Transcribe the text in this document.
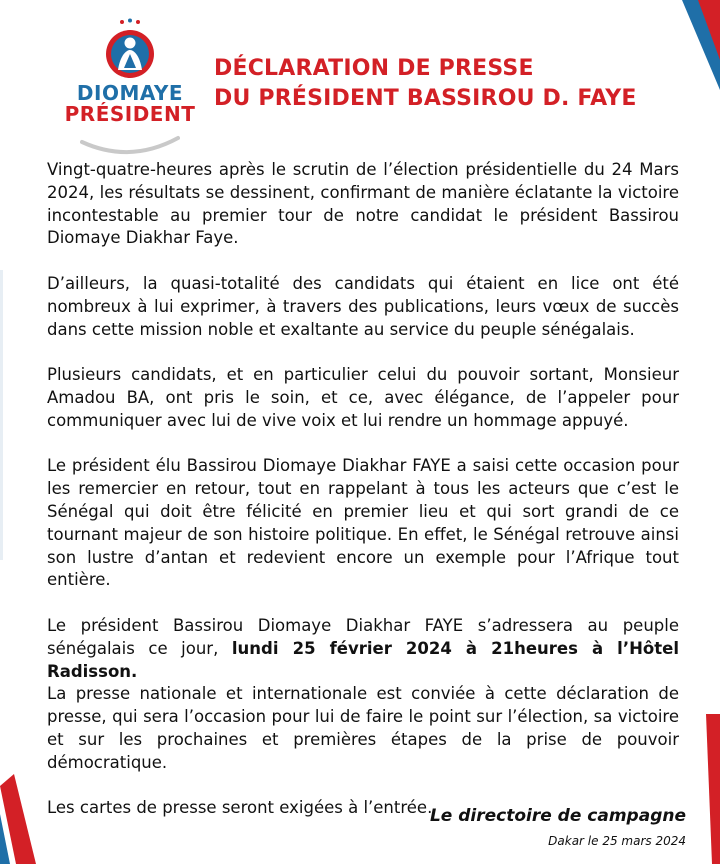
DIOMAYE
PRÉSIDENT
DÉCLARATION DE PRESSE
DU PRÉSIDENT BASSIROU D. FAYE

Vingt-quatre-heures après le scrutin de l’élection présidentielle du 24 Mars 2024, les résultats se dessinent, confirmant de manière éclatante la victoire incontestable au premier tour de notre candidat le président Bassirou Diomaye Diakhar Faye.

D’ailleurs, la quasi-totalité des candidats qui étaient en lice ont été nombreux à lui exprimer, à travers des publications, leurs vœux de succès dans cette mission noble et exaltante au service du peuple sénégalais.

Plusieurs candidats, et en particulier celui du pouvoir sortant, Monsieur Amadou BA, ont pris le soin, et ce, avec élégance, de l’appeler pour communiquer avec lui de vive voix et lui rendre un hommage appuyé.

Le président élu Bassirou Diomaye Diakhar FAYE a saisi cette occasion pour les remercier en retour, tout en rappelant à tous les acteurs que c’est le Sénégal qui doit être félicité en premier lieu et qui sort grandi de ce tournant majeur de son histoire politique. En effet, le Sénégal retrouve ainsi son lustre d’antan et redevient encore un exemple pour l’Afrique tout entière.

Le président Bassirou Diomaye Diakhar FAYE s’adressera au peuple sénégalais ce jour, lundi 25 février 2024 à 21heures à l’Hôtel Radisson.

La presse nationale et internationale est conviée à cette déclaration de presse, qui sera l’occasion pour lui de faire le point sur l’élection, sa victoire et sur les prochaines et premières étapes de la prise de pouvoir démocratique.

Les cartes de presse seront exigées à l’entrée.

Le directoire de campagne
Dakar le 25 mars 2024
